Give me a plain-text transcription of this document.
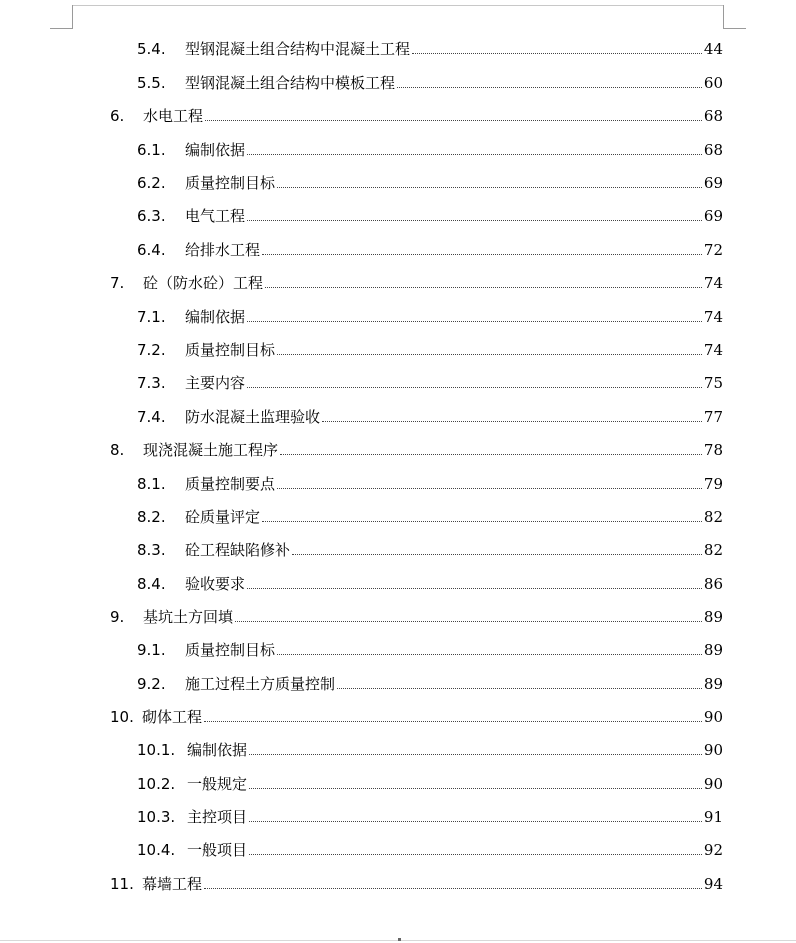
5.4.	型钢混凝土组合结构中混凝土工程	44
5.5.	型钢混凝土组合结构中模板工程	60
6.	水电工程	68
6.1.	编制依据	68
6.2.	质量控制目标	69
6.3.	电气工程	69
6.4.	给排水工程	72
7.	砼（防水砼）工程	74
7.1.	编制依据	74
7.2.	质量控制目标	74
7.3.	主要内容	75
7.4.	防水混凝土监理验收	77
8.	现浇混凝土施工程序	78
8.1.	质量控制要点	79
8.2.	砼质量评定	82
8.3.	砼工程缺陷修补	82
8.4.	验收要求	86
9.	基坑土方回填	89
9.1.	质量控制目标	89
9.2.	施工过程土方质量控制	89
10. 砌体工程	90
10.1. 编制依据	90
10.2. 一般规定	90
10.3. 主控项目	91
10.4. 一般项目	92
11. 幕墙工程	94
